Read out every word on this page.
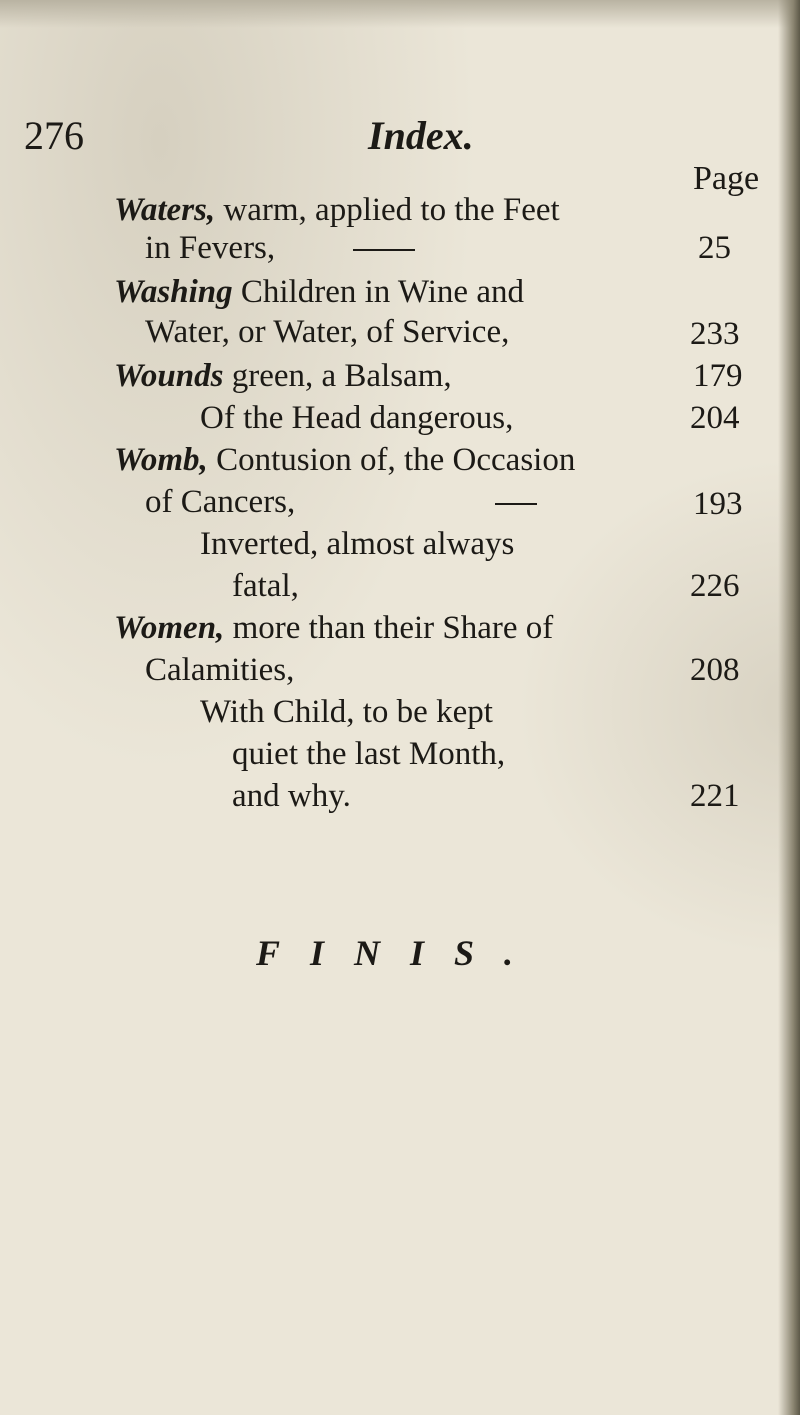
276	Index.
Page
Waters, warm, applied to the Feet
in Fevers,	25
Washing Children in Wine and
Water, or Water, of Service,	233
Wounds green, a Balsam,	179
Of the Head dangerous,	204
Womb, Contusion of, the Occasion
of Cancers,	193
Inverted, almost always
fatal,	226
Women, more than their Share of
Calamities,	208
With Child, to be kept
quiet the last Month,
and why.	221
FINIS.
